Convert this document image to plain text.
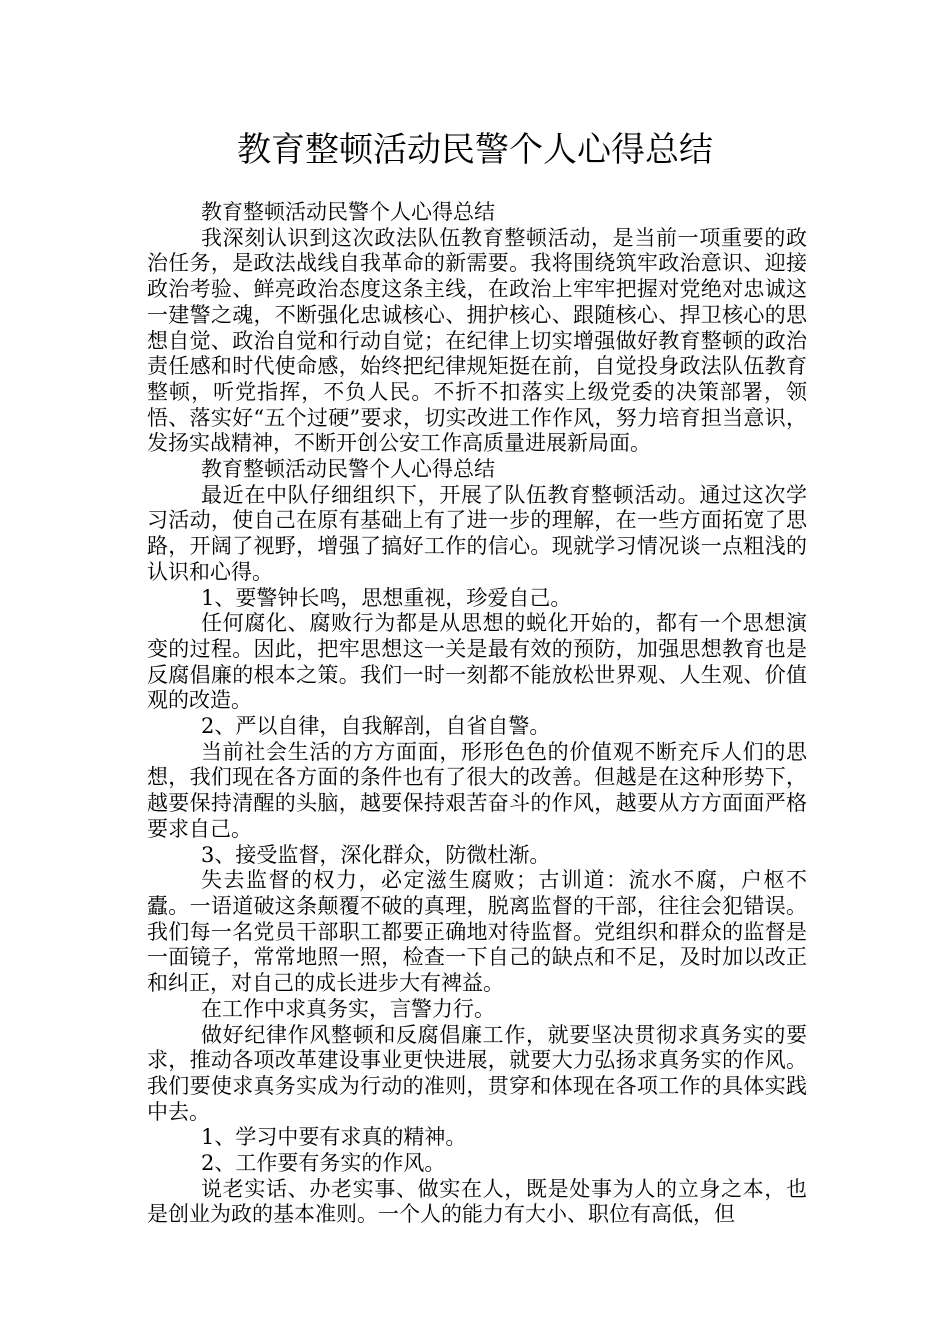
教育整顿活动民警个人心得总结

教育整顿活动民警个人心得总结

我深刻认识到这次政法队伍教育整顿活动，是当前一项重要的政治任务，是政法战线自我革命的新需要。我将围绕筑牢政治意识、迎接政治考验、鲜亮政治态度这条主线，在政治上牢牢把握对党绝对忠诚这一建警之魂，不断强化忠诚核心、拥护核心、跟随核心、捍卫核心的思想自觉、政治自觉和行动自觉；在纪律上切实增强做好教育整顿的政治责任感和时代使命感，始终把纪律规矩挺在前，自觉投身政法队伍教育整顿，听党指挥，不负人民。不折不扣落实上级党委的决策部署，领悟、落实好“五个过硬”要求，切实改进工作作风，努力培育担当意识，发扬实战精神，不断开创公安工作高质量进展新局面。

教育整顿活动民警个人心得总结

最近在中队仔细组织下，开展了队伍教育整顿活动。通过这次学习活动，使自己在原有基础上有了进一步的理解，在一些方面拓宽了思路，开阔了视野，增强了搞好工作的信心。现就学习情况谈一点粗浅的认识和心得。

1、要警钟长鸣，思想重视，珍爱自己。

任何腐化、腐败行为都是从思想的蜕化开始的，都有一个思想演变的过程。因此，把牢思想这一关是最有效的预防，加强思想教育也是反腐倡廉的根本之策。我们一时一刻都不能放松世界观、人生观、价值观的改造。

2、严以自律，自我解剖，自省自警。

当前社会生活的方方面面，形形色色的价值观不断充斥人们的思想，我们现在各方面的条件也有了很大的改善。但越是在这种形势下，越要保持清醒的头脑，越要保持艰苦奋斗的作风，越要从方方面面严格要求自己。

3、接受监督，深化群众，防微杜渐。

失去监督的权力，必定滋生腐败；古训道：流水不腐，户枢不蠹。一语道破这条颠覆不破的真理，脱离监督的干部，往往会犯错误。我们每一名党员干部职工都要正确地对待监督。党组织和群众的监督是一面镜子，常常地照一照，检查一下自己的缺点和不足，及时加以改正和纠正，对自己的成长进步大有裨益。

在工作中求真务实，言警力行。

做好纪律作风整顿和反腐倡廉工作，就要坚决贯彻求真务实的要求，推动各项改革建设事业更快进展，就要大力弘扬求真务实的作风。我们要使求真务实成为行动的准则，贯穿和体现在各项工作的具体实践中去。

1、学习中要有求真的精神。

2、工作要有务实的作风。

说老实话、办老实事、做实在人，既是处事为人的立身之本，也是创业为政的基本准则。一个人的能力有大小、职位有高低，但
